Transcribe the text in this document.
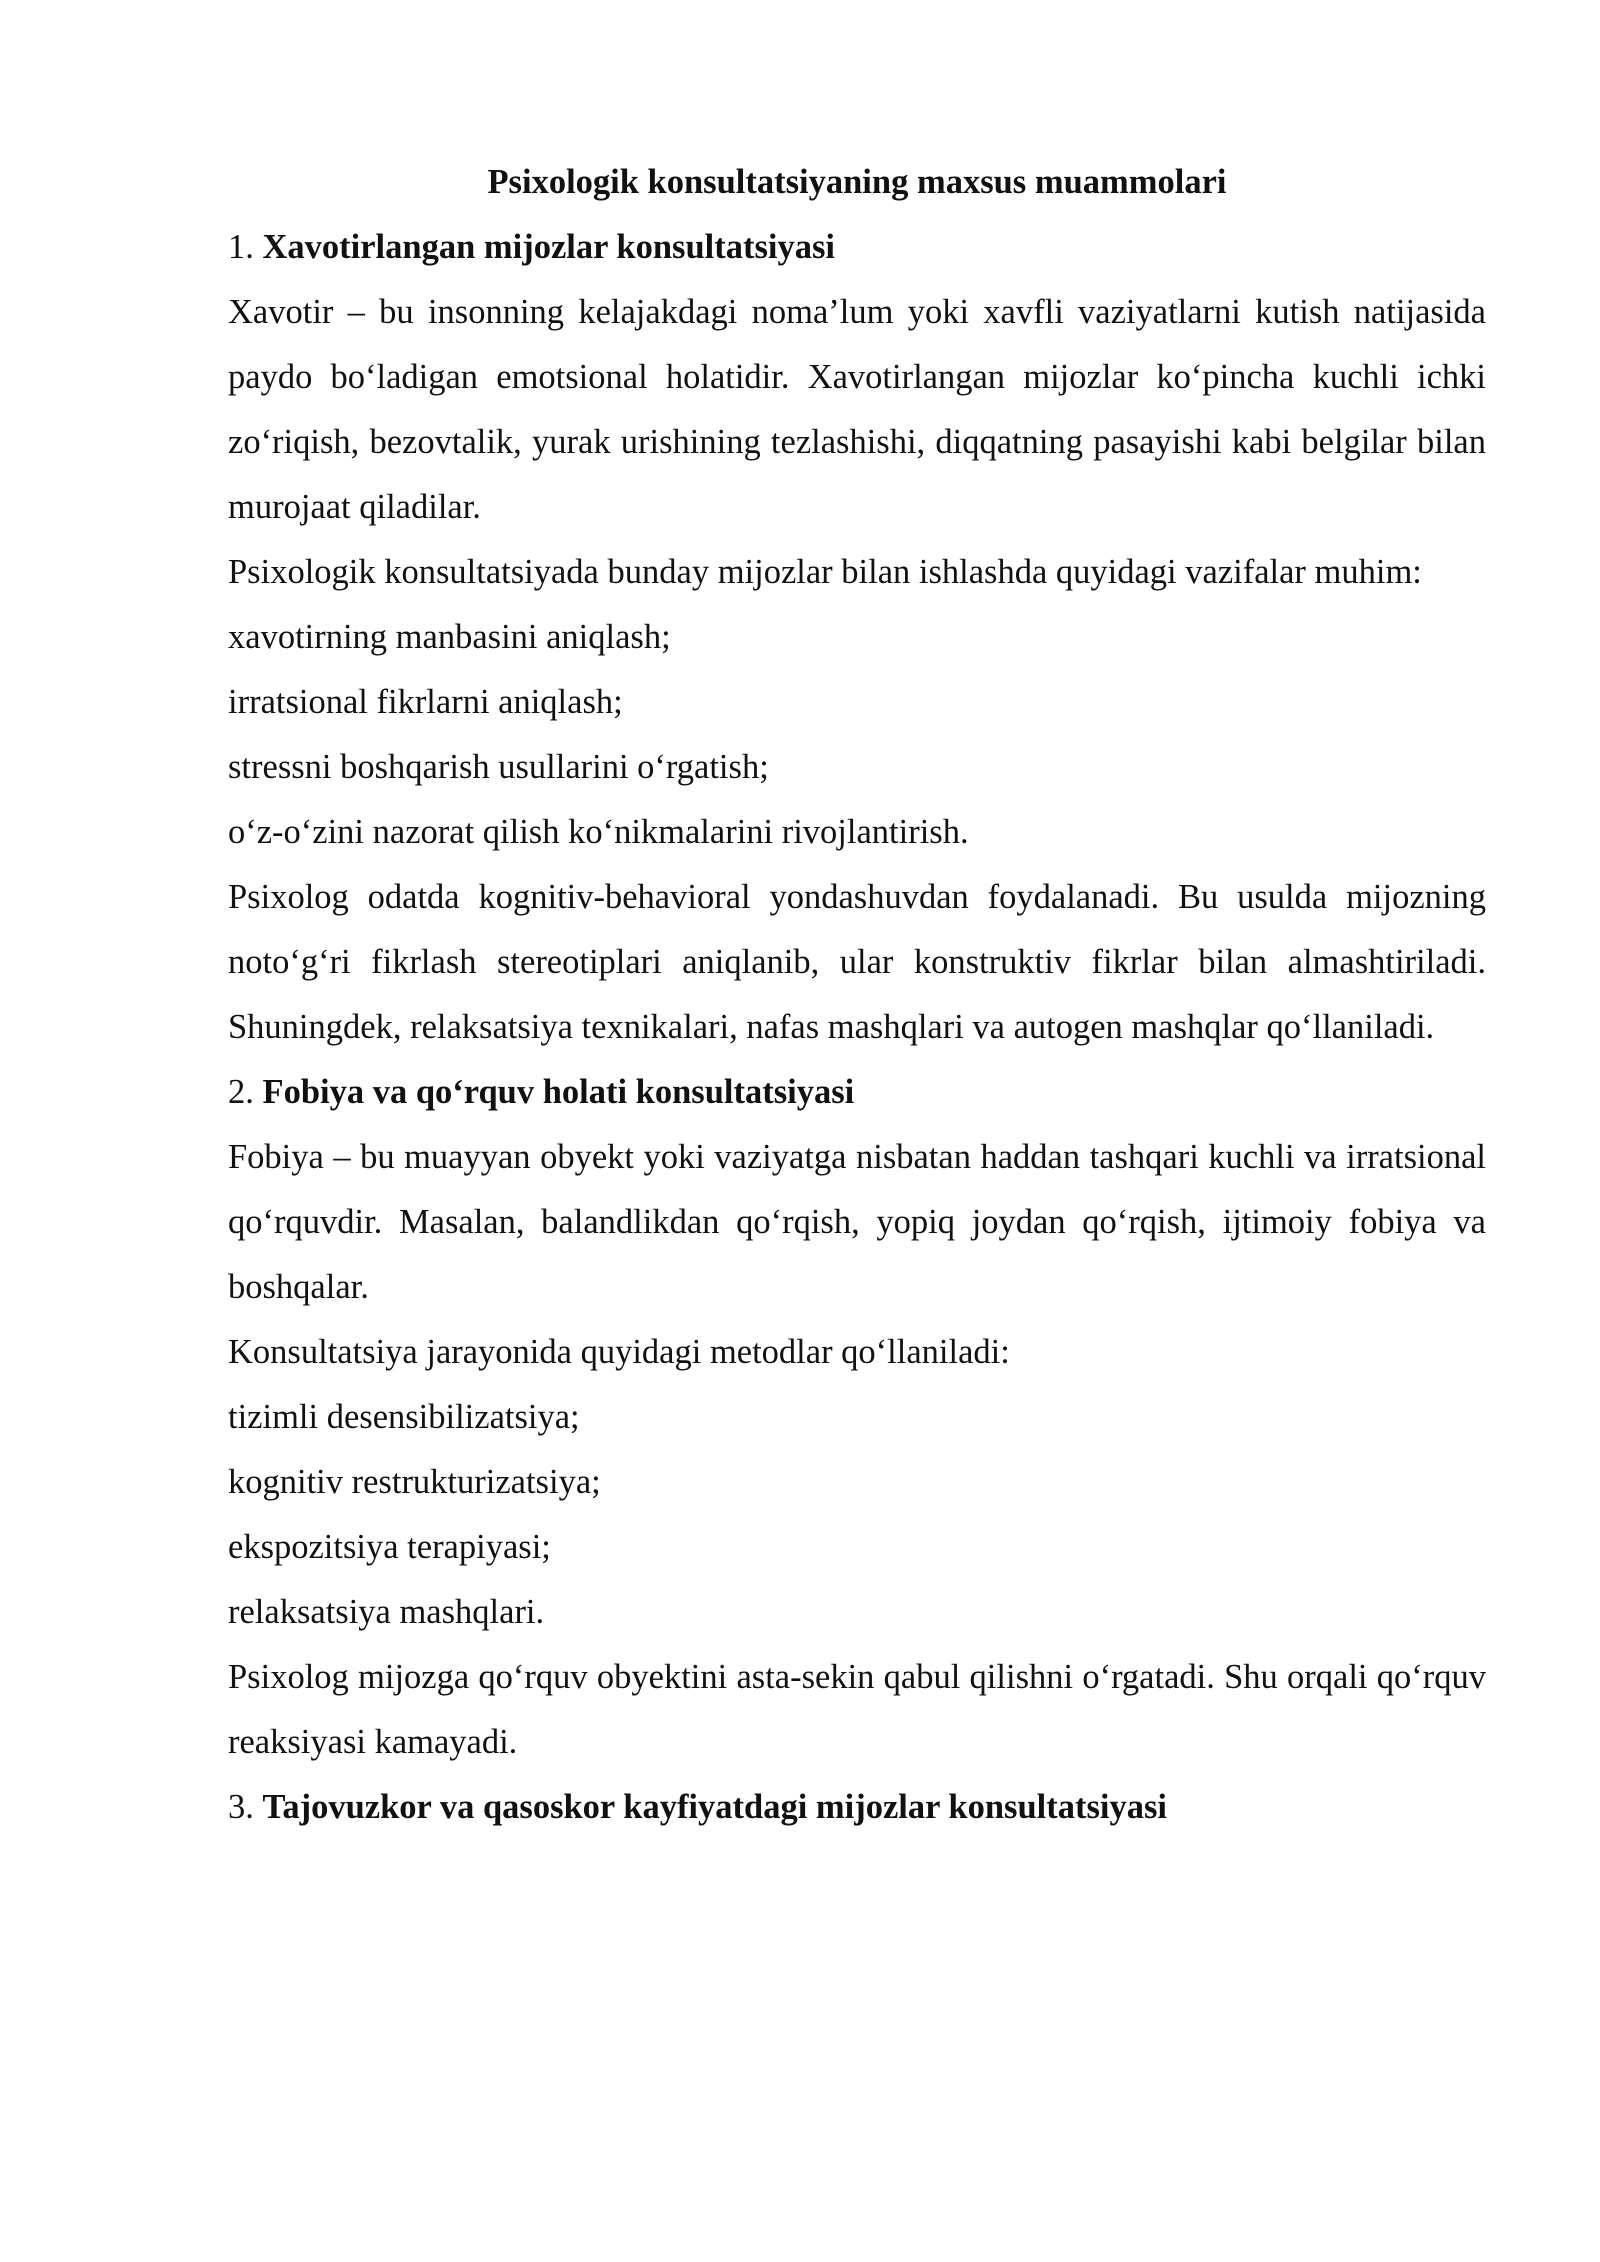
Psixologik konsultatsiyaning maxsus muammolari

1. Xavotirlangan mijozlar konsultatsiyasi

Xavotir – bu insonning kelajakdagi noma’lum yoki xavfli vaziyatlarni kutish natijasida paydo bo‘ladigan emotsional holatidir. Xavotirlangan mijozlar ko‘pincha kuchli ichki zo‘riqish, bezovtalik, yurak urishining tezlashishi, diqqatning pasayishi kabi belgilar bilan murojaat qiladilar.

Psixologik konsultatsiyada bunday mijozlar bilan ishlashda quyidagi vazifalar muhim:

xavotirning manbasini aniqlash;

irratsional fikrlarni aniqlash;

stressni boshqarish usullarini o‘rgatish;

o‘z-o‘zini nazorat qilish ko‘nikmalarini rivojlantirish.

Psixolog odatda kognitiv-behavioral yondashuvdan foydalanadi. Bu usulda mijozning noto‘g‘ri fikrlash stereotiplari aniqlanib, ular konstruktiv fikrlar bilan almashtiriladi. Shuningdek, relaksatsiya texnikalari, nafas mashqlari va autogen mashqlar qo‘llaniladi.

2. Fobiya va qo‘rquv holati konsultatsiyasi

Fobiya – bu muayyan obyekt yoki vaziyatga nisbatan haddan tashqari kuchli va irratsional qo‘rquvdir. Masalan, balandlikdan qo‘rqish, yopiq joydan qo‘rqish, ijtimoiy fobiya va boshqalar.

Konsultatsiya jarayonida quyidagi metodlar qo‘llaniladi:

tizimli desensibilizatsiya;

kognitiv restrukturizatsiya;

ekspozitsiya terapiyasi;

relaksatsiya mashqlari.

Psixolog mijozga qo‘rquv obyektini asta-sekin qabul qilishni o‘rgatadi. Shu orqali qo‘rquv reaksiyasi kamayadi.

3. Tajovuzkor va qasoskor kayfiyatdagi mijozlar konsultatsiyasi
